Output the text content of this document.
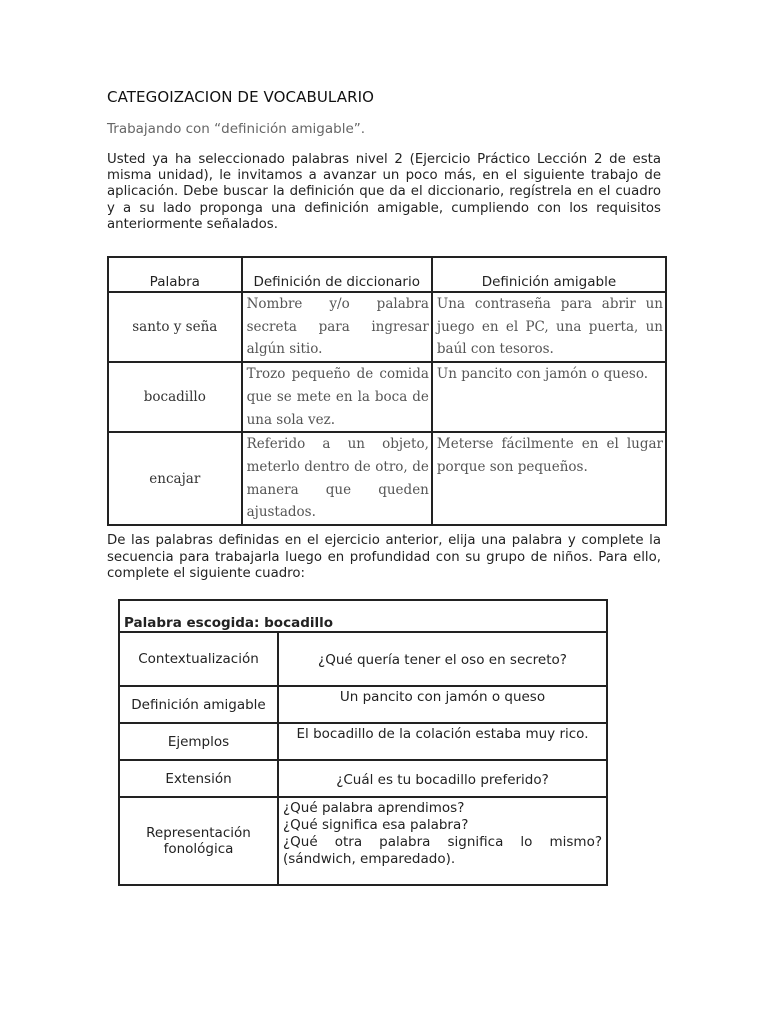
CATEGOIZACION DE VOCABULARIO
Trabajando con “definición amigable”.
Usted ya ha seleccionado palabras nivel 2 (Ejercicio Práctico Lección 2 de esta misma unidad), le invitamos a avanzar un poco más, en el siguiente trabajo de aplicación. Debe buscar la definición que da el diccionario, regístrela en el cuadro y a su lado proponga una definición amigable, cumpliendo con los requisitos anteriormente señalados.
Palabra	Definición de diccionario	Definición amigable
santo y seña	Nombre y/o palabra secreta para ingresar algún sitio.	Una contraseña para abrir un juego en el PC, una puerta, un baúl con tesoros.
bocadillo	Trozo pequeño de comida que se mete en la boca de una sola vez.	Un pancito con jamón o queso.
encajar	Referido a un objeto, meterlo dentro de otro, de manera que queden ajustados.	Meterse fácilmente en el lugar porque son pequeños.
De las palabras definidas en el ejercicio anterior, elija una palabra y complete la secuencia para trabajarla luego en profundidad con su grupo de niños. Para ello, complete el siguiente cuadro:
Palabra escogida: bocadillo	
Contextualización	¿Qué quería tener el oso en secreto?
Definición amigable	Un pancito con jamón o queso
Ejemplos	El bocadillo de la colación estaba muy rico.
Extensión	¿Cuál es tu bocadillo preferido?
Representación fonológica	¿Qué palabra aprendimos?
¿Qué significa esa palabra?
¿Qué otra palabra significa lo mismo? (sándwich, emparedado).
